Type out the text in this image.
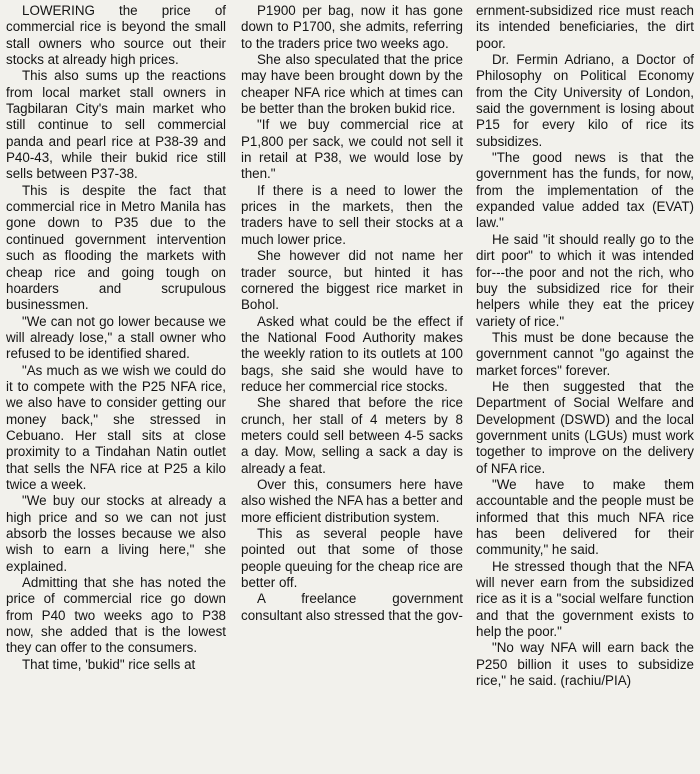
LOWERING the price of commercial rice is beyond the small stall owners who source out their stocks at already high prices.

This also sums up the reactions from local market stall owners in Tagbilaran City's main market who still continue to sell commercial panda and pearl rice at P38-39 and P40-43, while their bukid rice still sells between P37-38.

This is despite the fact that commercial rice in Metro Manila has gone down to P35 due to the continued government intervention such as flooding the markets with cheap rice and going tough on hoarders and scrupulous businessmen.

"We can not go lower because we will already lose," a stall owner who refused to be identified shared.

"As much as we wish we could do it to compete with the P25 NFA rice, we also have to consider getting our money back," she stressed in Cebuano. Her stall sits at close proximity to a Tindahan Natin outlet that sells the NFA rice at P25 a kilo twice a week.

"We buy our stocks at already a high price and so we can not just absorb the losses because we also wish to earn a living here," she explained.

Admitting that she has noted the price of commercial rice go down from P40 two weeks ago to P38 now, she added that is the lowest they can offer to the consumers.

That time, 'bukid" rice sells at

P1900 per bag, now it has gone down to P1700, she admits, referring to the traders price two weeks ago.

She also speculated that the price may have been brought down by the cheaper NFA rice which at times can be better than the broken bukid rice.

"If we buy commercial rice at P1,800 per sack, we could not sell it in retail at P38, we would lose by then."

If there is a need to lower the prices in the markets, then the traders have to sell their stocks at a much lower price.

She however did not name her trader source, but hinted it has cornered the biggest rice market in Bohol.

Asked what could be the effect if the National Food Authority makes the weekly ration to its outlets at 100 bags, she said she would have to reduce her commercial rice stocks.

She shared that before the rice crunch, her stall of 4 meters by 8 meters could sell between 4-5 sacks a day. Mow, selling a sack a day is already a feat.

Over this, consumers here have also wished the NFA has a better and more efficient distribution system.

This as several people have pointed out that some of those people queuing for the cheap rice are better off.

A freelance government consultant also stressed that the gov-

ernment-subsidized rice must reach its intended beneficiaries, the dirt poor.

Dr. Fermin Adriano, a Doctor of Philosophy on Political Economy from the City University of London, said the government is losing about P15 for every kilo of rice its subsidizes.

"The good news is that the government has the funds, for now, from the implementation of the expanded value added tax (EVAT) law."

He said "it should really go to the dirt poor" to which it was intended for---the poor and not the rich, who buy the subsidized rice for their helpers while they eat the pricey variety of rice."

This must be done because the government cannot "go against the market forces" forever.

He then suggested that the Department of Social Welfare and Development (DSWD) and the local government units (LGUs) must work together to improve on the delivery of NFA rice.

"We have to make them accountable and the people must be informed that this much NFA rice has been delivered for their community," he said.

He stressed though that the NFA will never earn from the subsidized rice as it is a "social welfare function and that the government exists to help the poor."

"No way NFA will earn back the P250 billion it uses to subsidize rice," he said. (rachiu/PIA)
